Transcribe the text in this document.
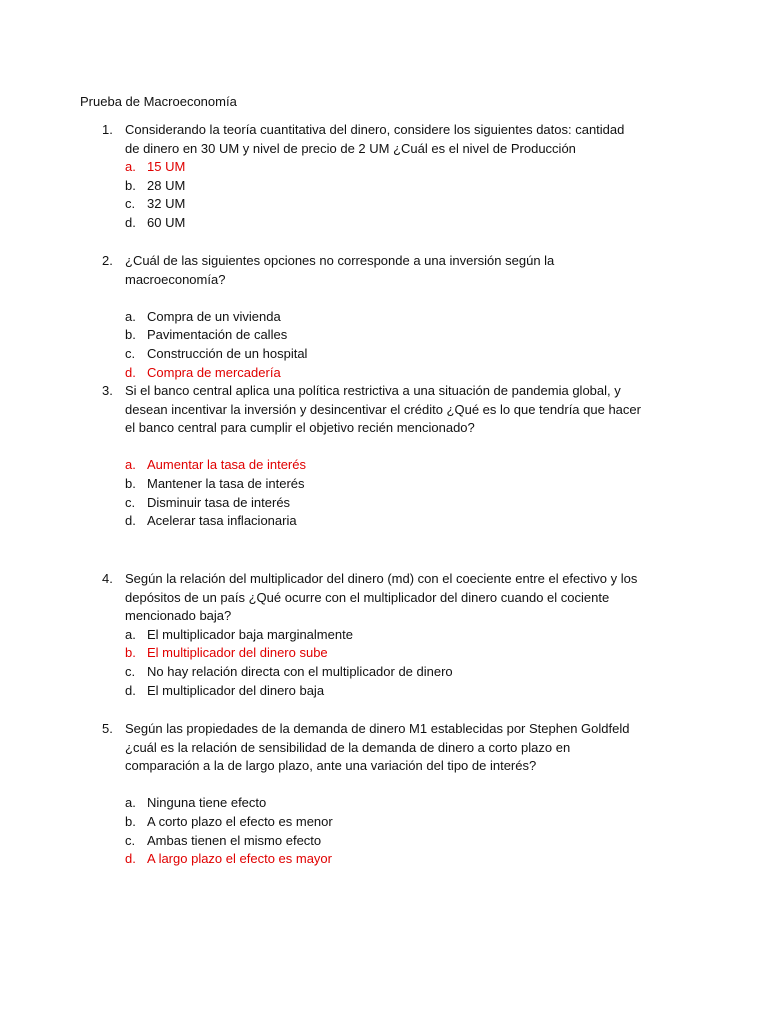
Prueba de Macroeconomía
1. Considerando la teoría cuantitativa del dinero, considere los siguientes datos: cantidad de dinero en 30 UM y nivel de precio de 2 UM ¿Cuál es el nivel de Producción
a. 15 UM
b. 28 UM
c. 32 UM
d. 60 UM
2. ¿Cuál de las siguientes opciones no corresponde a una inversión según la macroeconomía?
a. Compra de un vivienda
b. Pavimentación de calles
c. Construcción de un hospital
d. Compra de mercadería
3. Si el banco central aplica una política restrictiva a una situación de pandemia global, y desean incentivar la inversión y desincentivar el crédito ¿Qué es lo que tendría que hacer el banco central para cumplir el objetivo recién mencionado?
a. Aumentar la tasa de interés
b. Mantener la tasa de interés
c. Disminuir tasa de interés
d. Acelerar tasa inflacionaria
4. Según la relación del multiplicador del dinero (md) con el coeciente entre el efectivo y los depósitos de un país ¿Qué ocurre con el multiplicador del dinero cuando el cociente mencionado baja?
a. El multiplicador baja marginalmente
b. El multiplicador del dinero sube
c. No hay relación directa con el multiplicador de dinero
d. El multiplicador del dinero baja
5. Según las propiedades de la demanda de dinero M1 establecidas por Stephen Goldfeld ¿cuál es la relación de sensibilidad de la demanda de dinero a corto plazo en comparación a la de largo plazo, ante una variación del tipo de interés?
a. Ninguna tiene efecto
b. A corto plazo el efecto es menor
c. Ambas tienen el mismo efecto
d. A largo plazo el efecto es mayor
